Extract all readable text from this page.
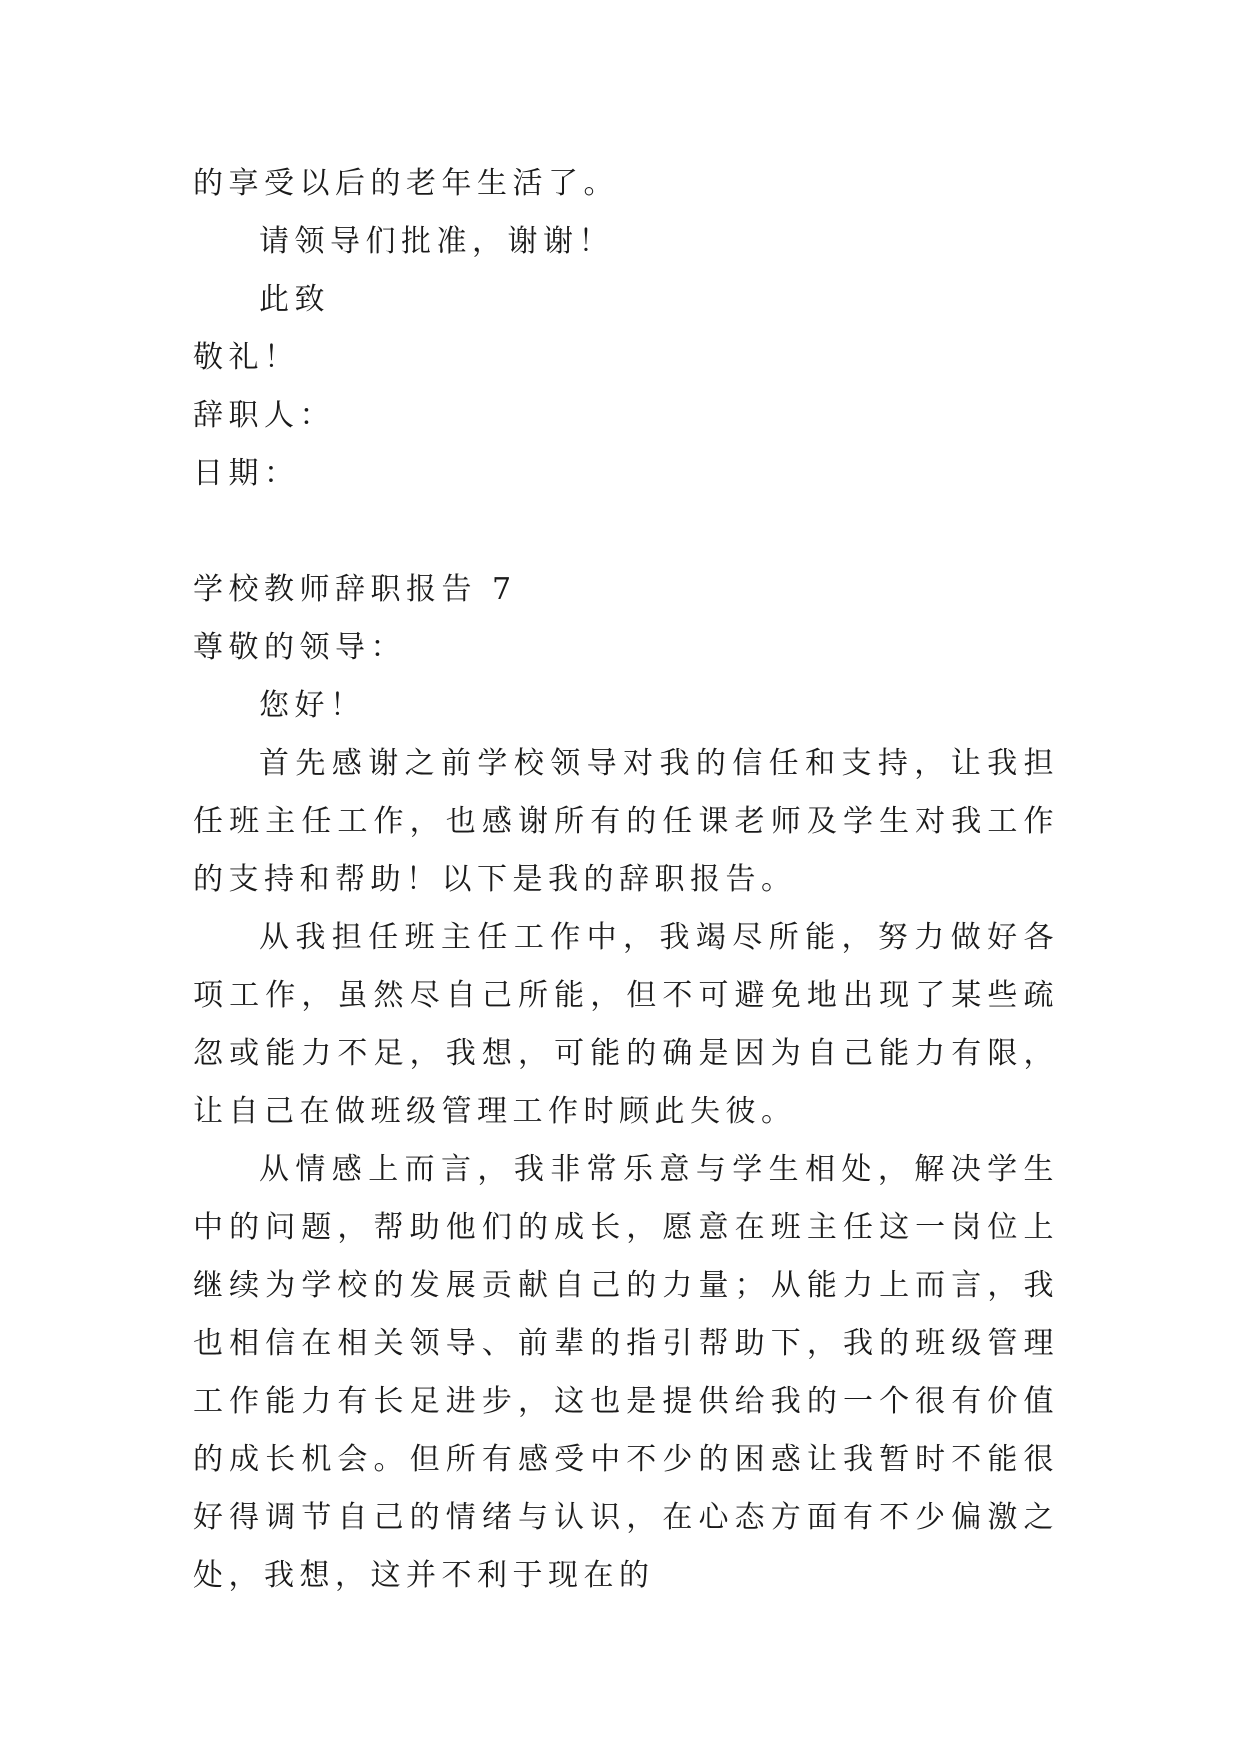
的享受以后的老年生活了。
请领导们批准，谢谢！
此致
敬礼！
辞职人：
日期：
学校教师辞职报告 7
尊敬的领导：
您好！

首先感谢之前学校领导对我的信任和支持，让我担任班主任工作，也感谢所有的任课老师及学生对我工作的支持和帮助！以下是我的辞职报告。

从我担任班主任工作中，我竭尽所能，努力做好各项工作，虽然尽自己所能，但不可避免地出现了某些疏忽或能力不足，我想，可能的确是因为自己能力有限，让自己在做班级管理工作时顾此失彼。

从情感上而言，我非常乐意与学生相处，解决学生中的问题，帮助他们的成长，愿意在班主任这一岗位上继续为学校的发展贡献自己的力量；从能力上而言，我也相信在相关领导、前辈的指引帮助下，我的班级管理工作能力有长足进步，这也是提供给我的一个很有价值的成长机会。但所有感受中不少的困惑让我暂时不能很好得调节自己的情绪与认识，在心态方面有不少偏激之处，我想，这并不利于现在的
